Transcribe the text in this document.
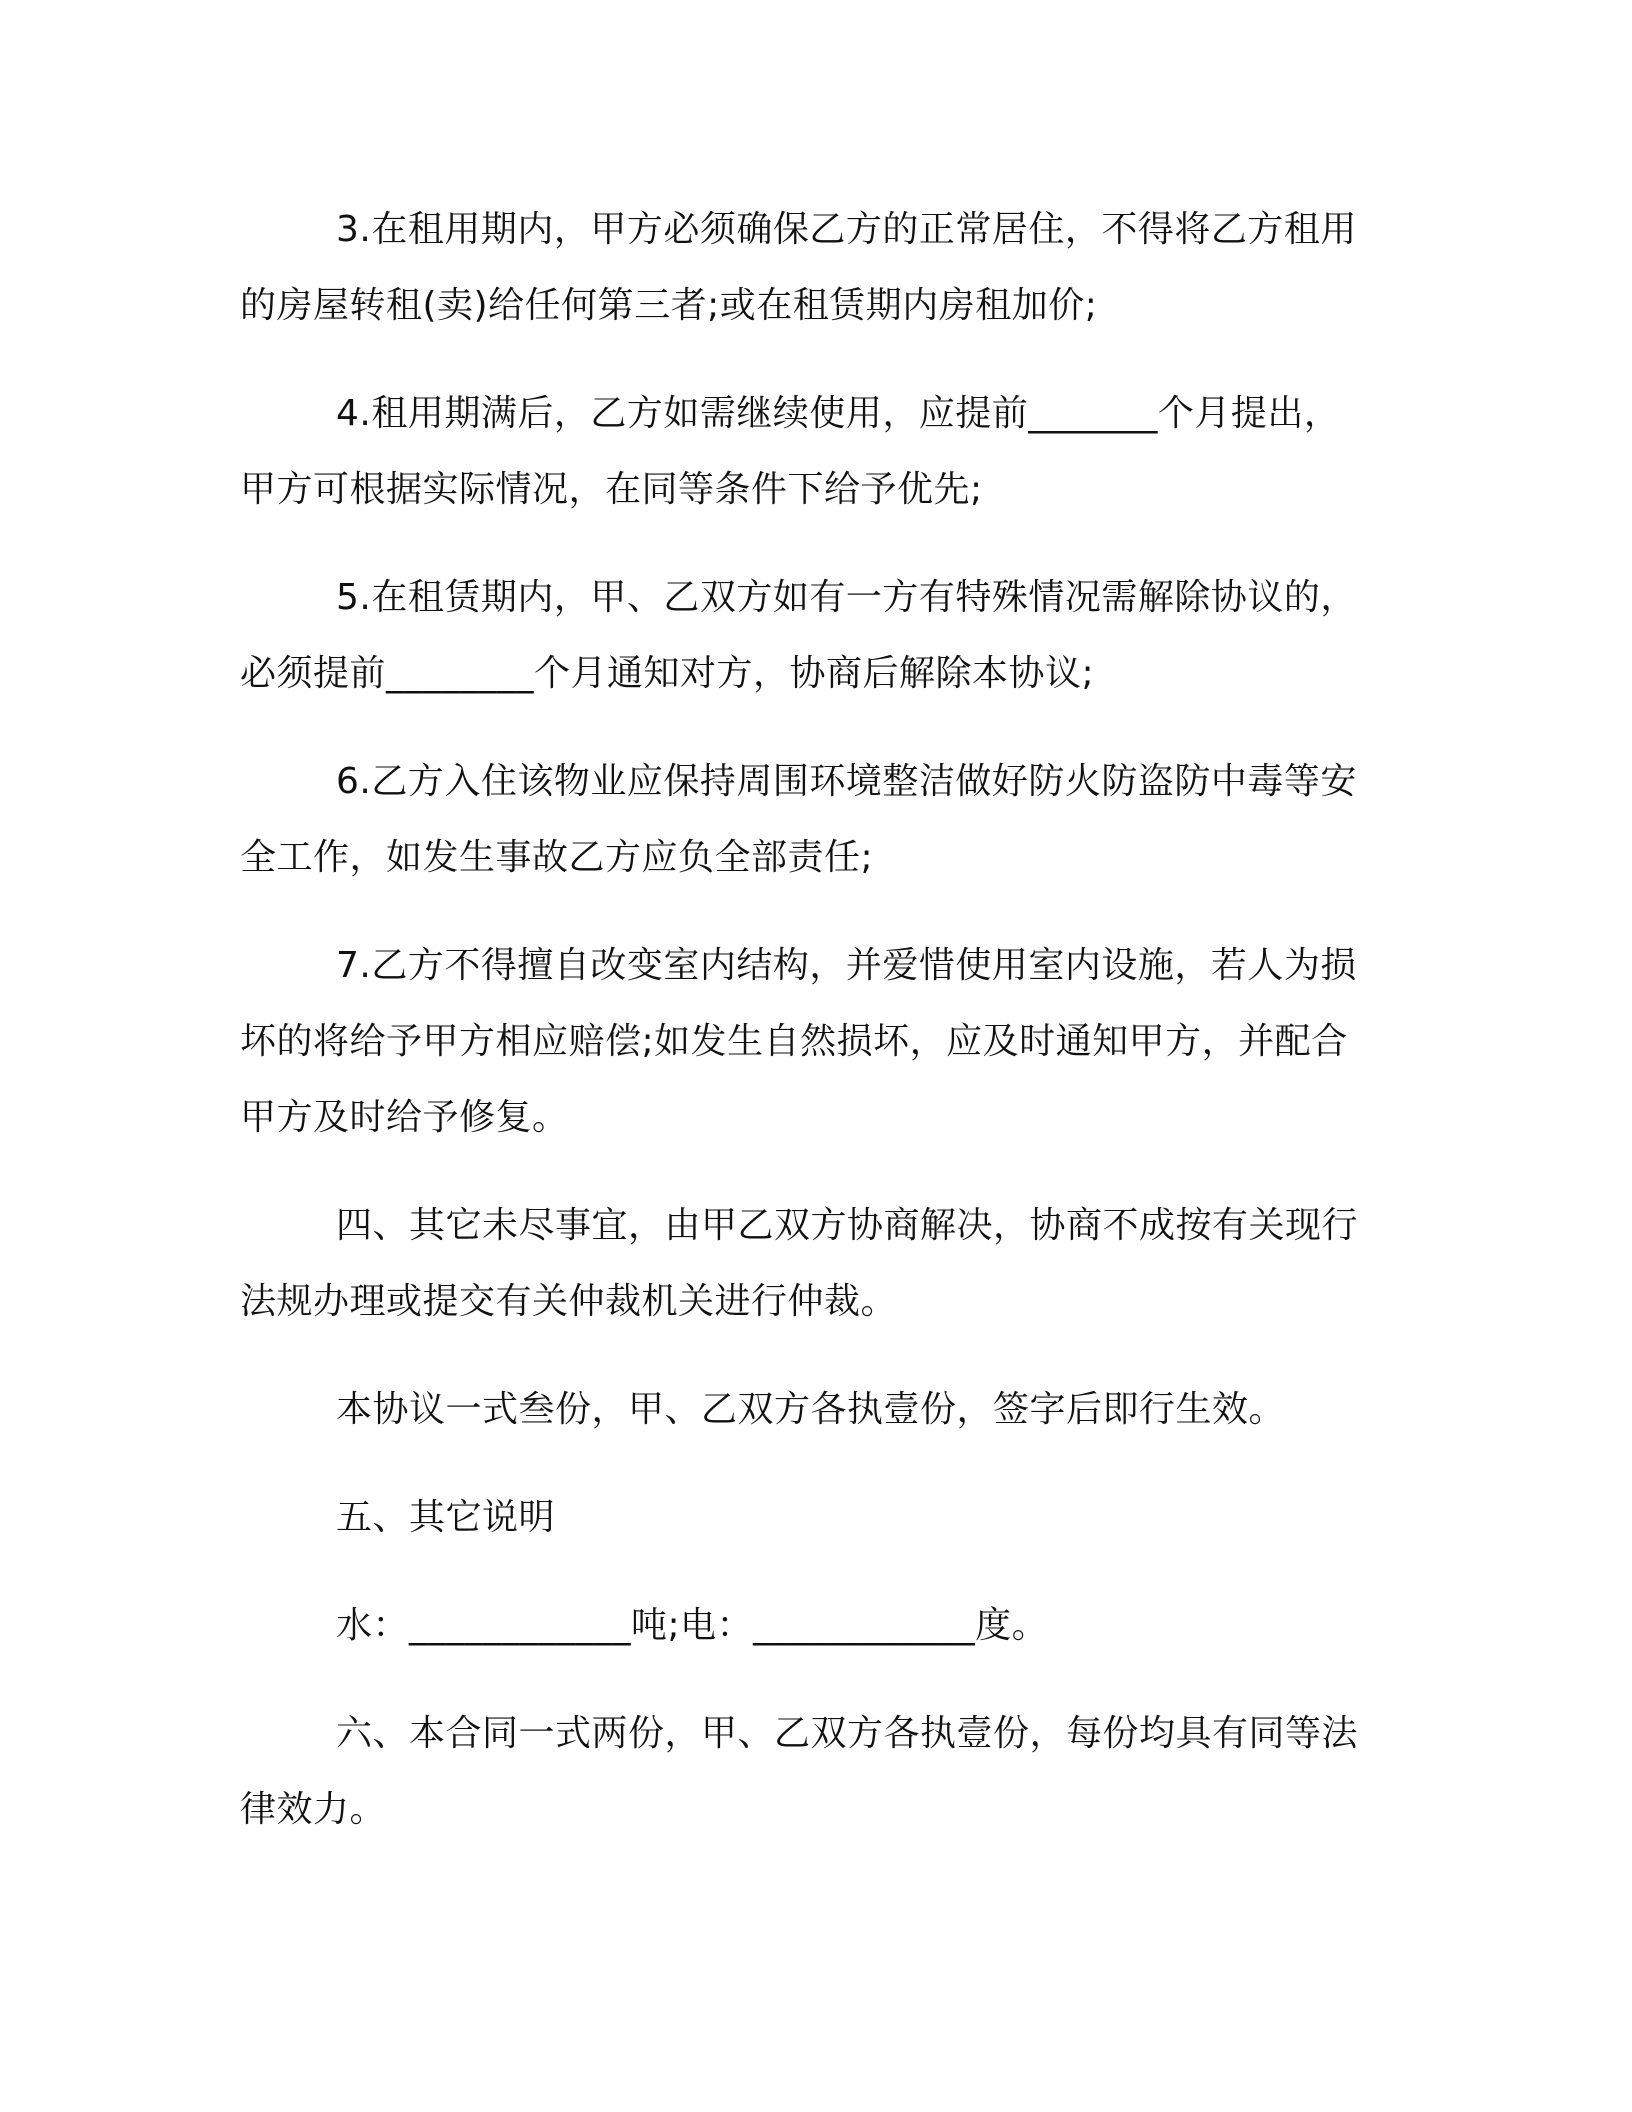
3.在租用期内，甲方必须确保乙方的正常居住，不得将乙方租用
的房屋转租(卖)给任何第三者;或在租赁期内房租加价;

4.租用期满后，乙方如需继续使用，应提前_______个月提出，
甲方可根据实际情况，在同等条件下给予优先;

5.在租赁期内，甲、乙双方如有一方有特殊情况需解除协议的，
必须提前________个月通知对方，协商后解除本协议;

6.乙方入住该物业应保持周围环境整洁做好防火防盗防中毒等安
全工作，如发生事故乙方应负全部责任;

7.乙方不得擅自改变室内结构，并爱惜使用室内设施，若人为损
坏的将给予甲方相应赔偿;如发生自然损坏，应及时通知甲方，并配合
甲方及时给予修复。

四、其它未尽事宜，由甲乙双方协商解决，协商不成按有关现行
法规办理或提交有关仲裁机关进行仲裁。

本协议一式叁份，甲、乙双方各执壹份，签字后即行生效。

五、其它说明

水：____________吨;电：____________度。

六、本合同一式两份，甲、乙双方各执壹份，每份均具有同等法
律效力。
